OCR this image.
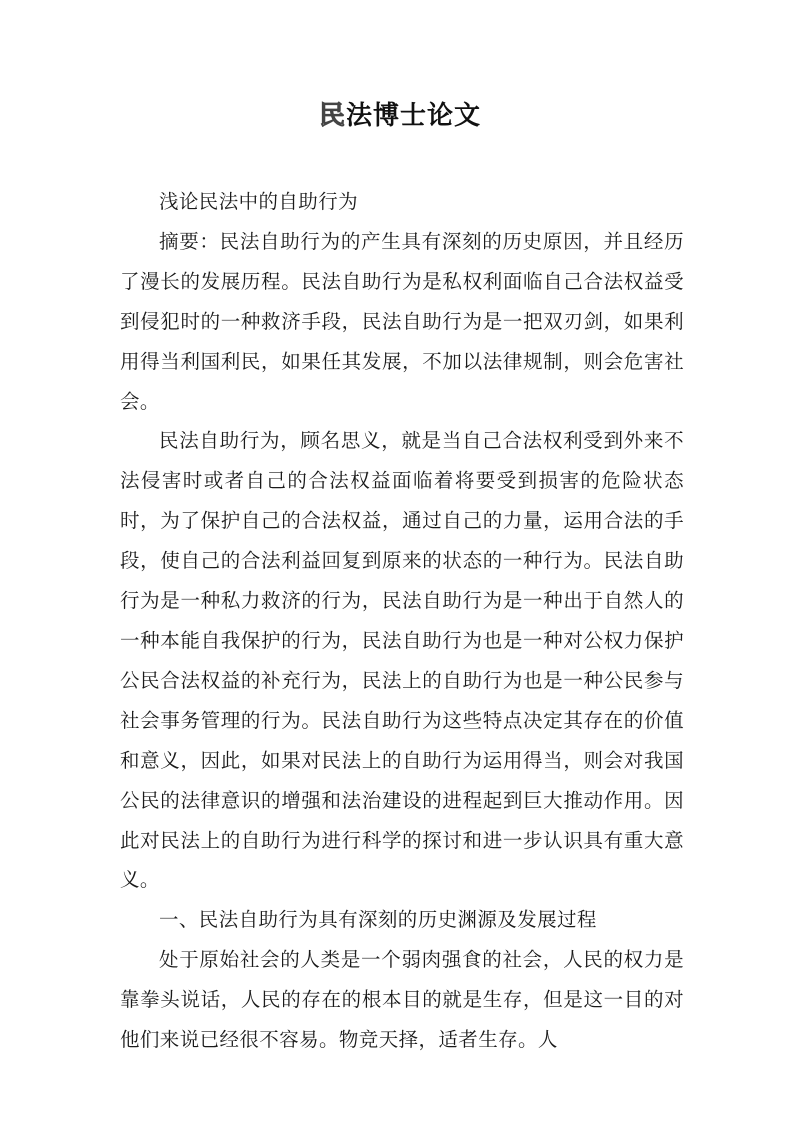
民法博士论文

浅论民法中的自助行为

摘要：民法自助行为的产生具有深刻的历史原因，并且经历了漫长的发展历程。民法自助行为是私权利面临自己合法权益受到侵犯时的一种救济手段，民法自助行为是一把双刃剑，如果利用得当利国利民，如果任其发展，不加以法律规制，则会危害社会。

民法自助行为，顾名思义，就是当自己合法权利受到外来不法侵害时或者自己的合法权益面临着将要受到损害的危险状态时，为了保护自己的合法权益，通过自己的力量，运用合法的手段，使自己的合法利益回复到原来的状态的一种行为。民法自助行为是一种私力救济的行为，民法自助行为是一种出于自然人的一种本能自我保护的行为，民法自助行为也是一种对公权力保护公民合法权益的补充行为，民法上的自助行为也是一种公民参与社会事务管理的行为。民法自助行为这些特点决定其存在的价值和意义，因此，如果对民法上的自助行为运用得当，则会对我国公民的法律意识的增强和法治建设的进程起到巨大推动作用。因此对民法上的自助行为进行科学的探讨和进一步认识具有重大意义。

一、民法自助行为具有深刻的历史渊源及发展过程

处于原始社会的人类是一个弱肉强食的社会，人民的权力是靠拳头说话，人民的存在的根本目的就是生存，但是这一目的对他们来说已经很不容易。物竞天择，适者生存。人
